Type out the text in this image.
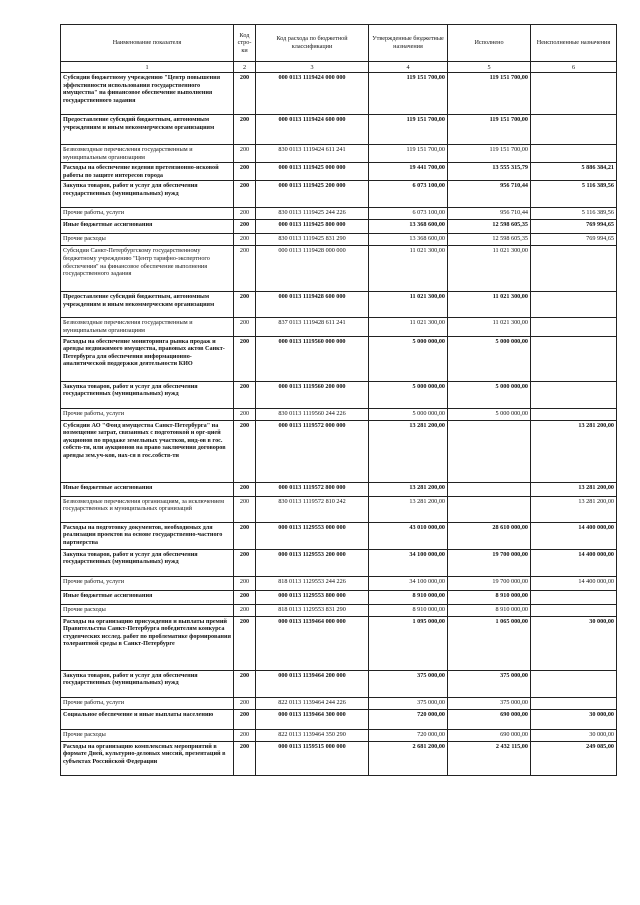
Наименование показателя	Код стро-ки	Код расхода по бюджетной классификации	Утвержденные бюджетные назначения	Исполнено	Неисполненные назначения
1	2	3	4	5	6
Субсидии бюджетному учреждению "Центр повышения эффективности использования государственного имущества" на финансовое обеспечение выполнения государственного задания	200	000 0113 1119424 000 000	119 151 700,00	119 151 700,00	
Предоставление субсидий бюджетным, автономным учреждениям и иным некоммерческим организациям	200	000 0113 1119424 600 000	119 151 700,00	119 151 700,00	
Безвозмездные перечисления государственным и муниципальным организациям	200	830 0113 1119424 611 241	119 151 700,00	119 151 700,00	
Расходы на обеспечение ведения претензионно-исковой работы по защите интересов города	200	000 0113 1119425 000 000	19 441 700,00	13 555 315,79	5 886 384,21
Закупка товаров, работ и услуг для обеспечения государственных (муниципальных) нужд	200	000 0113 1119425 200 000	6 073 100,00	956 710,44	5 116 389,56
Прочие работы, услуги	200	830 0113 1119425 244 226	6 073 100,00	956 710,44	5 116 389,56
Иные бюджетные ассигнования	200	000 0113 1119425 800 000	13 368 600,00	12 598 605,35	769 994,65
Прочие расходы	200	830 0113 1119425 831 290	13 368 600,00	12 598 605,35	769 994,65
Субсидии Санкт-Петербургскому государственному бюджетному учреждению "Центр тарифно-экспертного обеспечения" на финансовое обеспечение выполнения государственного задания	200	000 0113 1119428 000 000	11 021 300,00	11 021 300,00	
Предоставление субсидий бюджетным, автономным учреждениям и иным некоммерческим организациям	200	000 0113 1119428 600 000	11 021 300,00	11 021 300,00	
Безвозмездные перечисления государственным и муниципальным организациям	200	837 0113 1119428 611 241	11 021 300,00	11 021 300,00	
Расходы на обеспечение мониторинга рынка продаж и аренды недвижимого имущества, правовых актов Санкт-Петербурга для обеспечения информационно-аналитической поддержки деятельности КИО	200	000 0113 1119560 000 000	5 000 000,00	5 000 000,00	
Закупка товаров, работ и услуг для обеспечения государственных (муниципальных) нужд	200	000 0113 1119560 200 000	5 000 000,00	5 000 000,00	
Прочие работы, услуги	200	830 0113 1119560 244 226	5 000 000,00	5 000 000,00	
Субсидии АО "Фонд имущества Санкт-Петербурга" на возмещение затрат, связанных с подготовкой и орг-цией аукционов по продаже земельных участков, инд-ов в гос. собств-ти, или аукционов на право заключения договоров аренды зем.уч-ков, нах-ся в гос.собств-ти	200	000 0113 1119572 000 000	13 281 200,00		13 281 200,00
Иные бюджетные ассигнования	200	000 0113 1119572 800 000	13 281 200,00		13 281 200,00
Безвозмездные перечисления организациям, за исключением государственных и муниципальных организаций	200	830 0113 1119572 810 242	13 281 200,00		13 281 200,00
Расходы на подготовку документов, необходимых для реализации проектов на основе государственно-частного партнерства	200	000 0113 1129553 000 000	43 010 000,00	28 610 000,00	14 400 000,00
Закупка товаров, работ и услуг для обеспечения государственных (муниципальных) нужд	200	000 0113 1129553 200 000	34 100 000,00	19 700 000,00	14 400 000,00
Прочие работы, услуги	200	818 0113 1129553 244 226	34 100 000,00	19 700 000,00	14 400 000,00
Иные бюджетные ассигнования	200	000 0113 1129553 800 000	8 910 000,00	8 910 000,00	
Прочие расходы	200	818 0113 1129553 831 290	8 910 000,00	8 910 000,00	
Расходы на организацию присуждения и выплаты премий Правительства Санкт-Петербурга победителям конкурса студенческих исслед. работ по проблематике формирования толерантной среды в Санкт-Петербурге	200	000 0113 1139464 000 000	1 095 000,00	1 065 000,00	30 000,00
Закупка товаров, работ и услуг для обеспечения государственных (муниципальных) нужд	200	000 0113 1139464 200 000	375 000,00	375 000,00	
Прочие работы, услуги	200	822 0113 1139464 244 226	375 000,00	375 000,00	
Социальное обеспечение и иные выплаты населению	200	000 0113 1139464 300 000	720 000,00	690 000,00	30 000,00
Прочие расходы	200	822 0113 1139464 350 290	720 000,00	690 000,00	30 000,00
Расходы на организацию комплексных мероприятий в формате Дней, культурно-деловых миссий, презентаций в субъектах Российской Федерации	200	000 0113 1159515 000 000	2 681 200,00	2 432 115,00	249 085,00
